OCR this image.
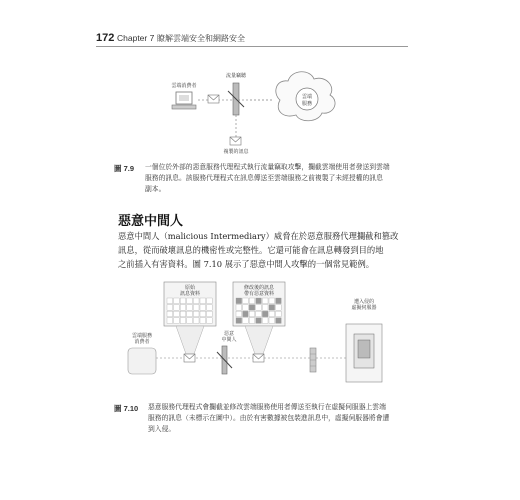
172 Chapter 7 瞭解雲端安全和網路安全
雲端消費者
流量竊聽
雲端
服務
複製的訊息
圖 7.9 一個位於外部的惡意服務代理程式執行流量竊取攻擊，攔截雲端使用者發送到雲端
服務的訊息。該服務代理程式在訊息傳送至雲端服務之前複製了未經授權的訊息
副本。
惡意中間人
惡意中間人（malicious Intermediary）威脅在於惡意服務代理攔截和篡改
訊息，從而破壞訊息的機密性或完整性。它還可能會在訊息轉發到目的地
之前插入有害資料。圖 7.10 展示了惡意中間人攻擊的一個常見範例。
原始
訊息資料
修改後的訊息
帶有惡意資料
雲端服務
消費者
惡意
中間人
遭入侵的
虛擬伺服器
圖 7.10 惡意服務代理程式會攔截並修改雲端服務使用者傳送至執行在虛擬伺服器上雲端
服務的訊息（未標示在圖中）。由於有害數據被包裝進訊息中，虛擬伺服器將會遭
到入侵。
